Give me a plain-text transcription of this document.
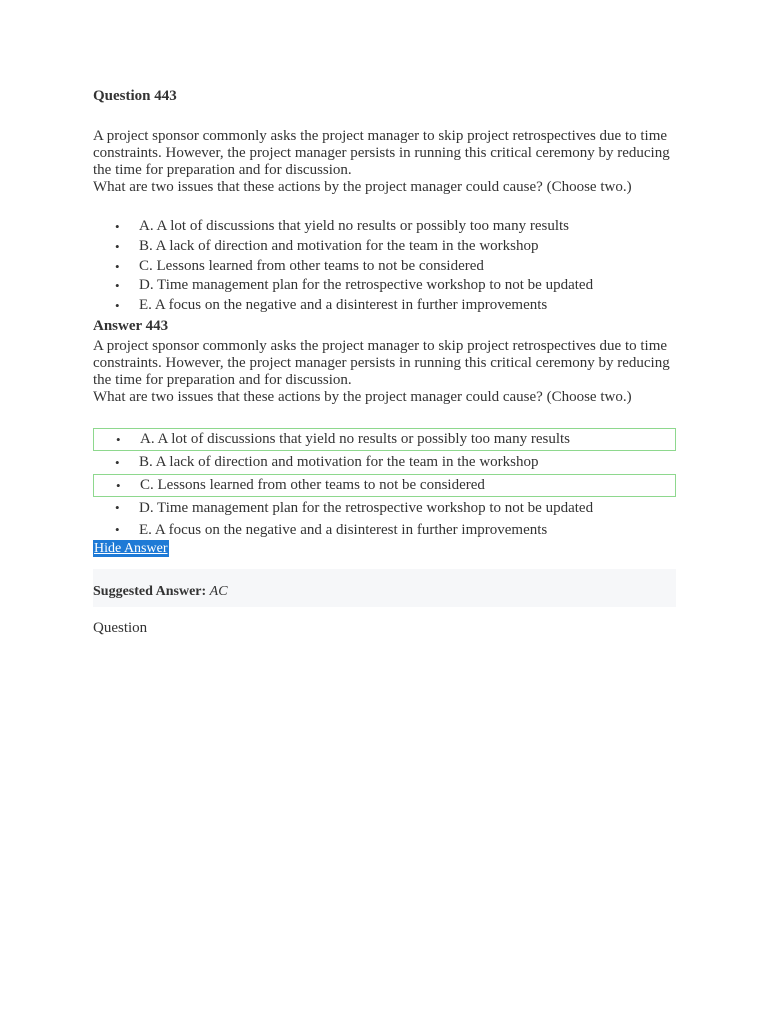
Question 443

A project sponsor commonly asks the project manager to skip project retrospectives due to time constraints. However, the project manager persists in running this critical ceremony by reducing the time for preparation and for discussion.

What are two issues that these actions by the project manager could cause? (Choose two.)

• A. A lot of discussions that yield no results or possibly too many results
• B. A lack of direction and motivation for the team in the workshop
• C. Lessons learned from other teams to not be considered
• D. Time management plan for the retrospective workshop to not be updated
• E. A focus on the negative and a disinterest in further improvements
Answer 443

A project sponsor commonly asks the project manager to skip project retrospectives due to time constraints. However, the project manager persists in running this critical ceremony by reducing the time for preparation and for discussion.

What are two issues that these actions by the project manager could cause? (Choose two.)

• A. A lot of discussions that yield no results or possibly too many results
• B. A lack of direction and motivation for the team in the workshop
• C. Lessons learned from other teams to not be considered
• D. Time management plan for the retrospective workshop to not be updated
• E. A focus on the negative and a disinterest in further improvements
Hide Answer
Suggested Answer: AC
Question
